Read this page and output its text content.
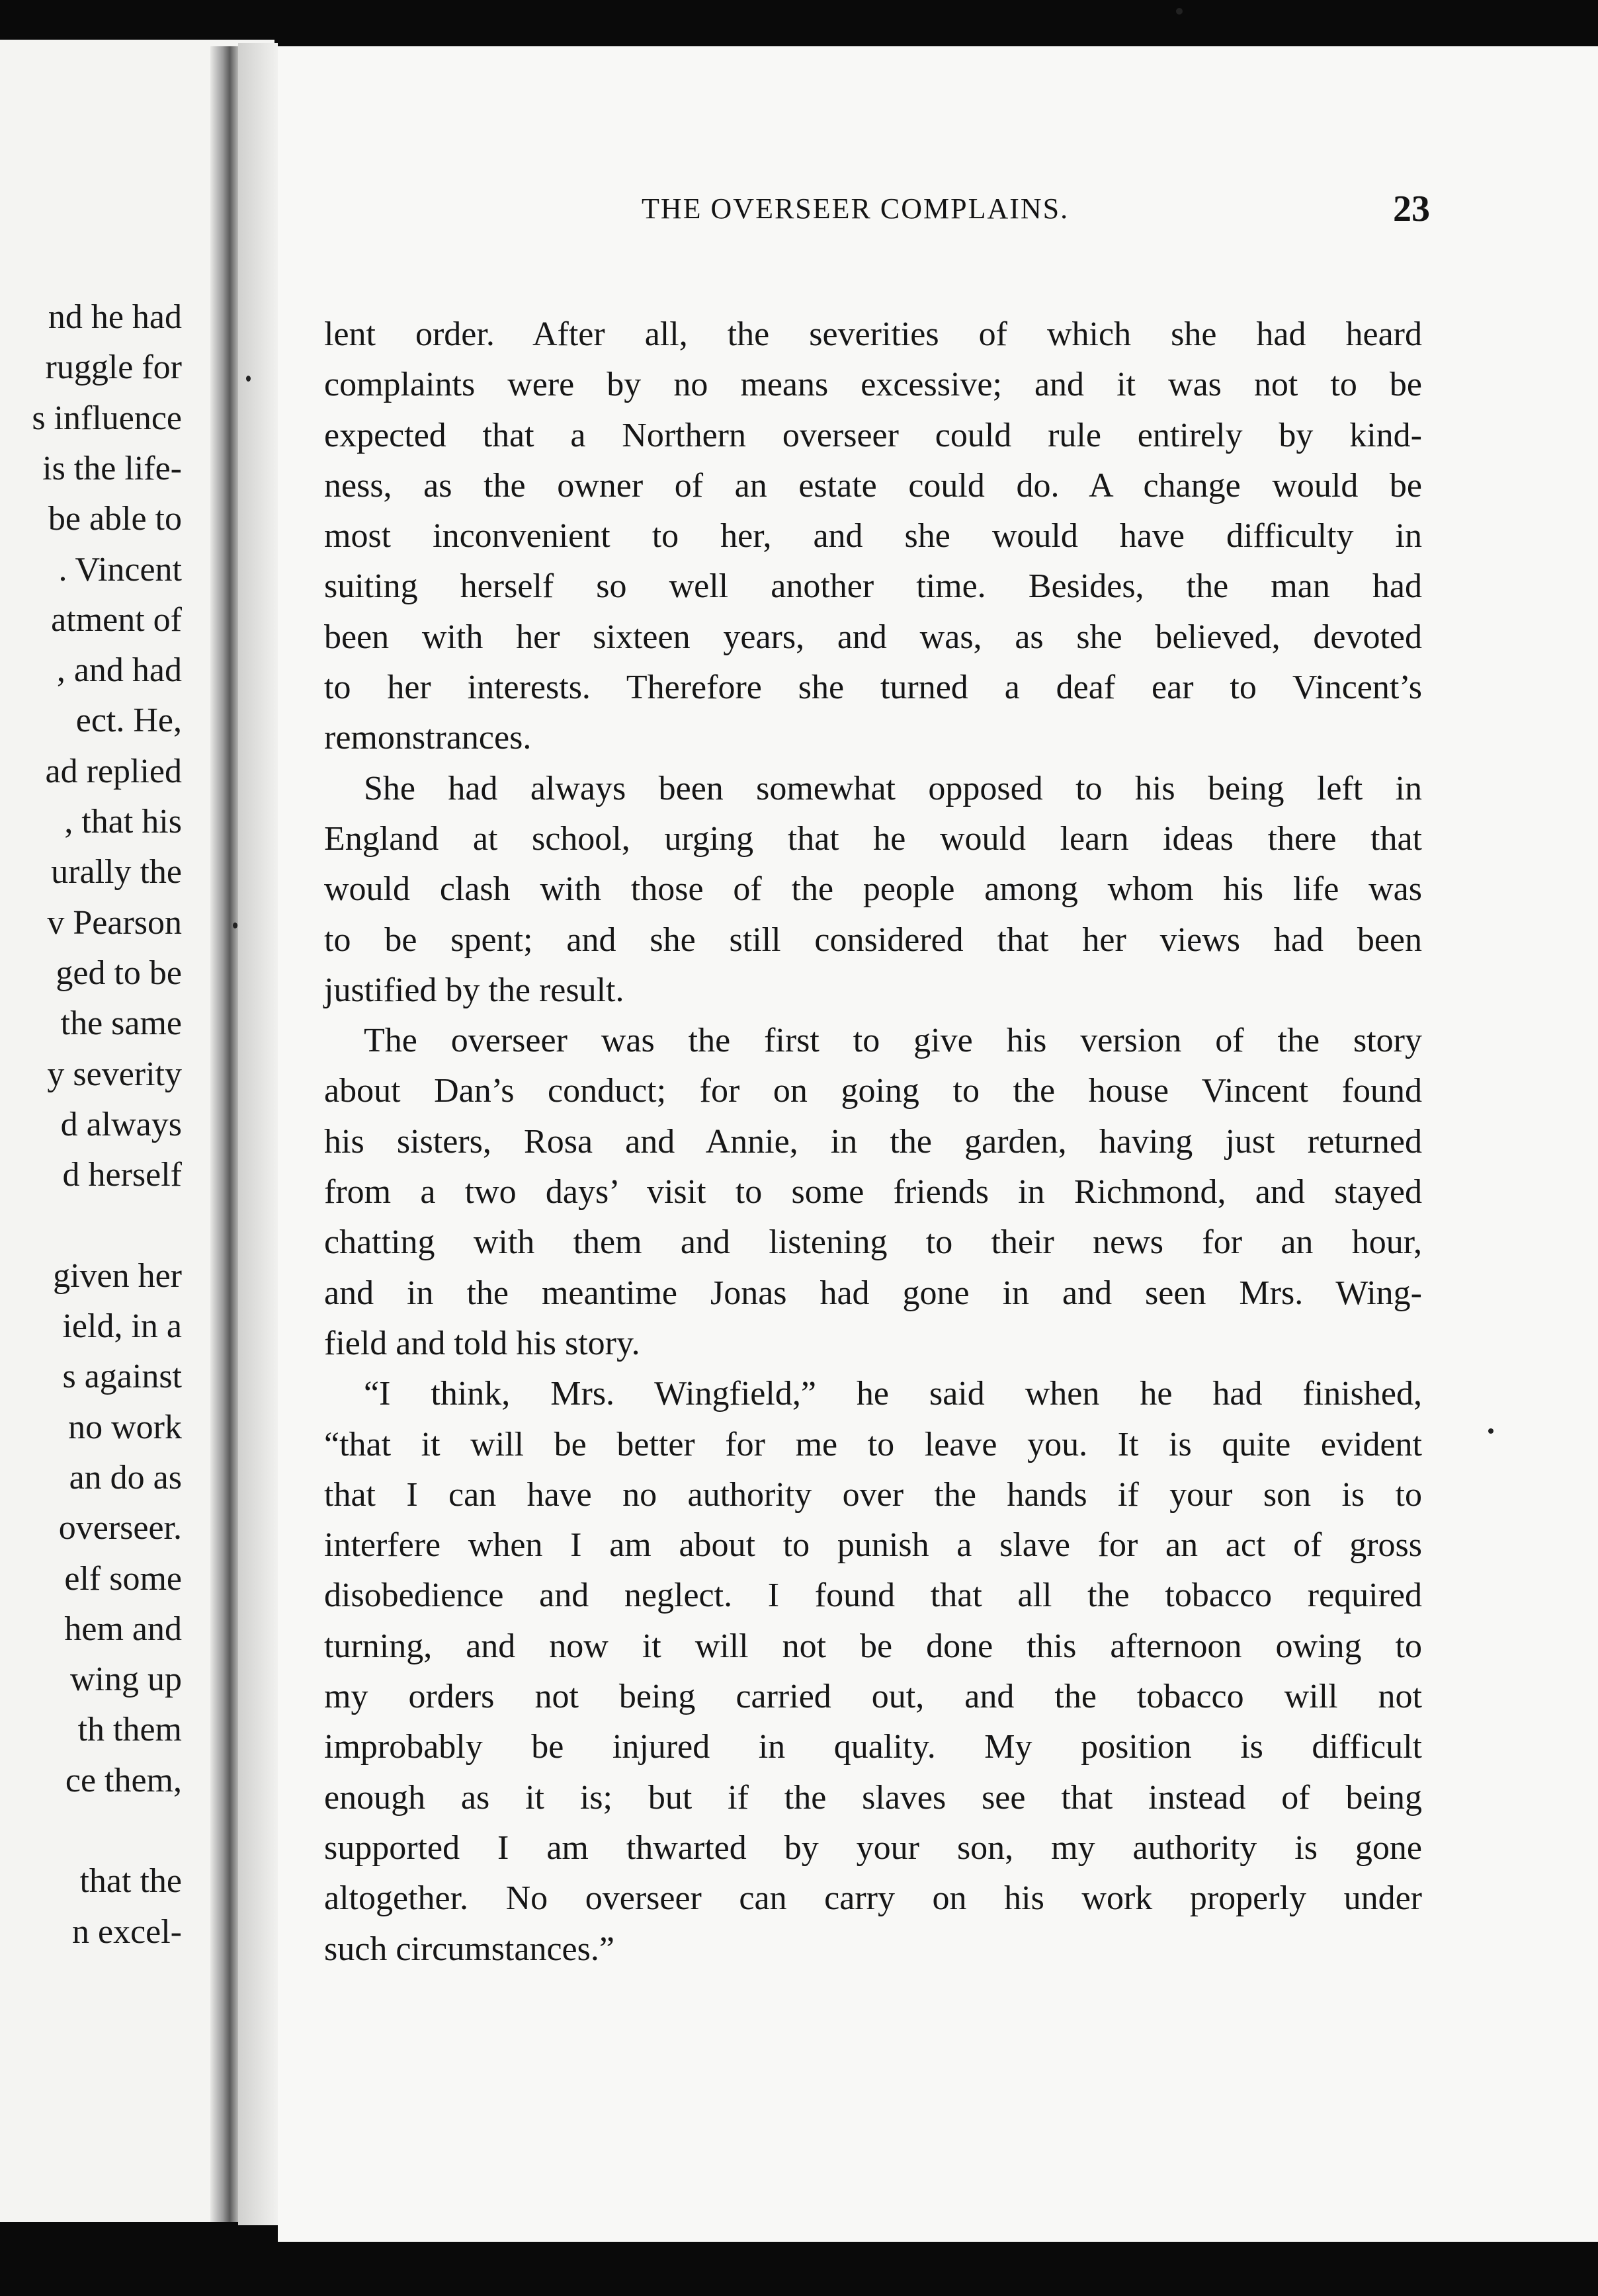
nd he had
ruggle for
s influence
is the life-
be able to
. Vincent
atment of
, and had
ect. He,
ad replied
, that his
urally the
v Pearson
ged to be
the same
y severity
d always
d herself
given her
ield, in a
s against
no work
an do as
overseer.
elf some
hem and
wing up
th them
ce them,
that the
n excel-
THE OVERSEER COMPLAINS.	23
lent order. After all, the severities of which she had heard
complaints were by no means excessive; and it was not to be
expected that a Northern overseer could rule entirely by kind-
ness, as the owner of an estate could do. A change would be
most inconvenient to her, and she would have difficulty in
suiting herself so well another time. Besides, the man had
been with her sixteen years, and was, as she believed, devoted
to her interests. Therefore she turned a deaf ear to Vincent’s
remonstrances.
She had always been somewhat opposed to his being left in
England at school, urging that he would learn ideas there that
would clash with those of the people among whom his life was
to be spent; and she still considered that her views had been
justified by the result.
The overseer was the first to give his version of the story
about Dan’s conduct; for on going to the house Vincent found
his sisters, Rosa and Annie, in the garden, having just returned
from a two days’ visit to some friends in Richmond, and stayed
chatting with them and listening to their news for an hour,
and in the meantime Jonas had gone in and seen Mrs. Wing-
field and told his story.
“I think, Mrs. Wingfield,” he said when he had finished,
“that it will be better for me to leave you. It is quite evident
that I can have no authority over the hands if your son is to
interfere when I am about to punish a slave for an act of gross
disobedience and neglect. I found that all the tobacco required
turning, and now it will not be done this afternoon owing to
my orders not being carried out, and the tobacco will not
improbably be injured in quality. My position is difficult
enough as it is; but if the slaves see that instead of being
supported I am thwarted by your son, my authority is gone
altogether. No overseer can carry on his work properly under
such circumstances.”
